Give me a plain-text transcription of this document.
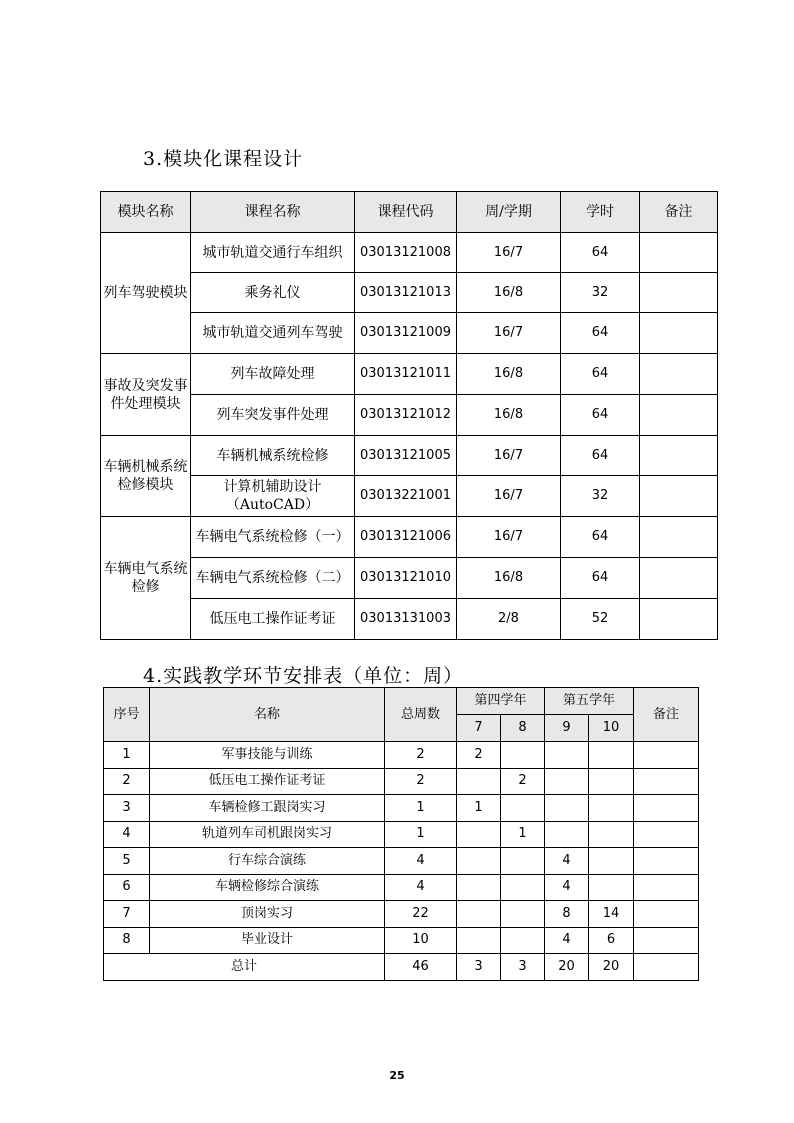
3.模块化课程设计
模块名称	课程名称	课程代码	周/学期	学时	备注
列车驾驶模块	城市轨道交通行车组织	03013121008	16/7	64	
	乘务礼仪	03013121013	16/8	32	
	城市轨道交通列车驾驶	03013121009	16/7	64	
事故及突发事件处理模块	列车故障处理	03013121011	16/8	64	
	列车突发事件处理	03013121012	16/8	64	
车辆机械系统检修模块	车辆机械系统检修	03013121005	16/7	64	
	计算机辅助设计（AutoCAD）	03013221001	16/7	32	
车辆电气系统检修	车辆电气系统检修（一）	03013121006	16/7	64	
	车辆电气系统检修（二）	03013121010	16/8	64	
	低压电工操作证考证	03013131003	2/8	52	
4.实践教学环节安排表（单位：周）
序号	名称	总周数	第四学年		第五学年		备注
			7	8	9	10	
1	军事技能与训练	2	2				
2	低压电工操作证考证	2		2			
3	车辆检修工跟岗实习	1	1				
4	轨道列车司机跟岗实习	1		1			
5	行车综合演练	4			4		
6	车辆检修综合演练	4			4		
7	顶岗实习	22			8	14	
8	毕业设计	10			4	6	
总计		46	3	3	20	20	
25
